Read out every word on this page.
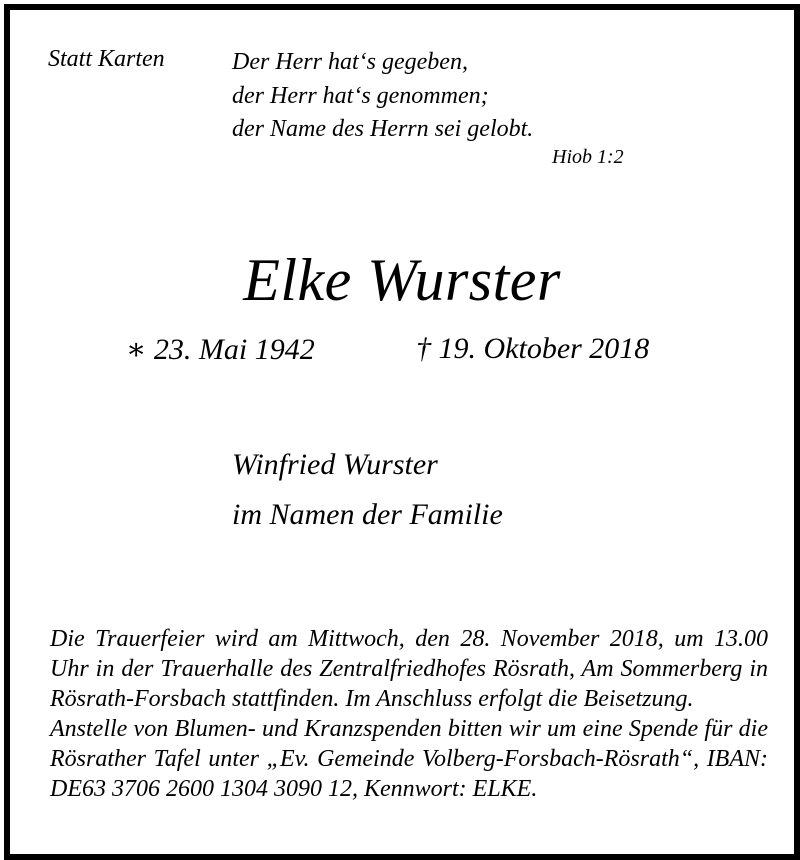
Statt Karten	Der Herr hat‘s gegeben,
der Herr hat‘s genommen;
der Name des Herrn sei gelobt.
Hiob 1:2
Elke Wurster
∗ 23. Mai 1942	† 19. Oktober 2018
Winfried Wurster
im Namen der Familie
Die Trauerfeier wird am Mittwoch, den 28. November 2018, um 13.00 Uhr in der Trauerhalle des Zentralfriedhofes Rösrath, Am Sommerberg in Rösrath-Forsbach stattfinden. Im Anschluss erfolgt die Beisetzung.
Anstelle von Blumen- und Kranzspenden bitten wir um eine Spende für die Rösrather Tafel unter „Ev. Gemeinde Volberg-Forsbach-Rösrath“, IBAN: DE63 3706 2600 1304 3090 12, Kennwort: ELKE.
